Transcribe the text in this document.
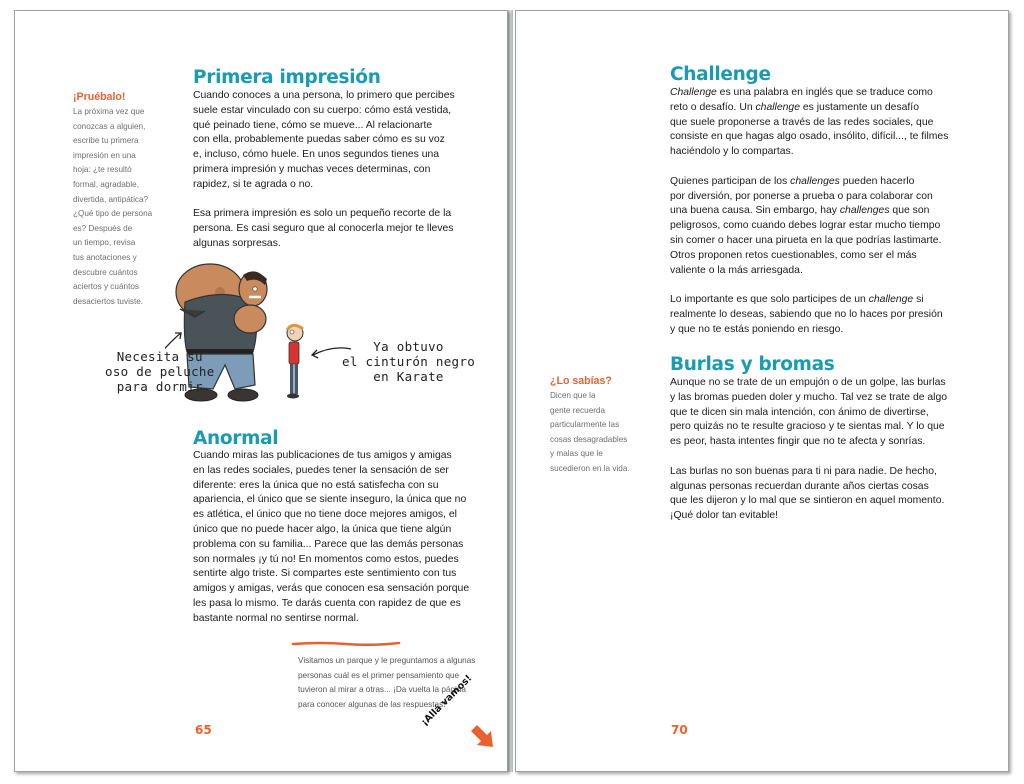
¡Pruébalo!
La próxima vez que
conozcas a alguien,
escribe tu primera
impresión en una
hoja: ¿te resultó
formal, agradable,
divertida, antipática?
¿Qué tipo de persona
es? Después de
un tiempo, revisa
tus anotaciones y
descubre cuántos
aciertos y cuántos
desaciertos tuviste.
Primera impresión

Cuando conoces a una persona, lo primero que percibes
suele estar vinculado con su cuerpo: cómo está vestida,
qué peinado tiene, cómo se mueve... Al relacionarte
con ella, probablemente puedas saber cómo es su voz
e, incluso, cómo huele. En unos segundos tienes una
primera impresión y muchas veces determinas, con
rapidez, si te agrada o no.

Esa primera impresión es solo un pequeño recorte de la
persona. Es casi seguro que al conocerla mejor te lleves
algunas sorpresas.

Necesita su
oso de peluche
para dormir
Ya obtuvo
el cinturón negro
en Karate
Anormal

Cuando miras las publicaciones de tus amigos y amigas
en las redes sociales, puedes tener la sensación de ser
diferente: eres la única que no está satisfecha con su
apariencia, el único que se siente inseguro, la única que no
es atlética, el único que no tiene doce mejores amigos, el
único que no puede hacer algo, la única que tiene algún
problema con su familia... Parece que las demás personas
son normales ¡y tú no! En momentos como estos, puedes
sentirte algo triste. Si compartes este sentimiento con tus
amigos y amigas, verás que conocen esa sensación porque
les pasa lo mismo. Te darás cuenta con rapidez de que es
bastante normal no sentirse normal.

Visitamos un parque y le preguntamos a algunas
personas cuál es el primer pensamiento que
tuvieron al mirar a otras... ¡Da vuelta la página
para conocer algunas de las respuestas!
65
¡Allá vamos!
Challenge

Challenge es una palabra en inglés que se traduce como
reto o desafío. Un challenge es justamente un desafío
que suele proponerse a través de las redes sociales, que
consiste en que hagas algo osado, insólito, difícil..., te filmes
haciéndolo y lo compartas.

Quienes participan de los challenges pueden hacerlo
por diversión, por ponerse a prueba o para colaborar con
una buena causa. Sin embargo, hay challenges que son
peligrosos, como cuando debes lograr estar mucho tiempo
sin comer o hacer una pirueta en la que podrías lastimarte.
Otros proponen retos cuestionables, como ser el más
valiente o la más arriesgada.

Lo importante es que solo participes de un challenge si
realmente lo deseas, sabiendo que no lo haces por presión
y que no te estás poniendo en riesgo.

¿Lo sabías?
Dicen que la
gente recuerda
particularmente las
cosas desagradables
y malas que le
sucedieron en la vida.
Burlas y bromas

Aunque no se trate de un empujón o de un golpe, las burlas
y las bromas pueden doler y mucho. Tal vez se trate de algo
que te dicen sin mala intención, con ánimo de divertirse,
pero quizás no te resulte gracioso y te sientas mal. Y lo que
es peor, hasta intentes fingir que no te afecta y sonrías.

Las burlas no son buenas para ti ni para nadie. De hecho,
algunas personas recuerdan durante años ciertas cosas
que les dijeron y lo mal que se sintieron en aquel momento.
¡Qué dolor tan evitable!

70
